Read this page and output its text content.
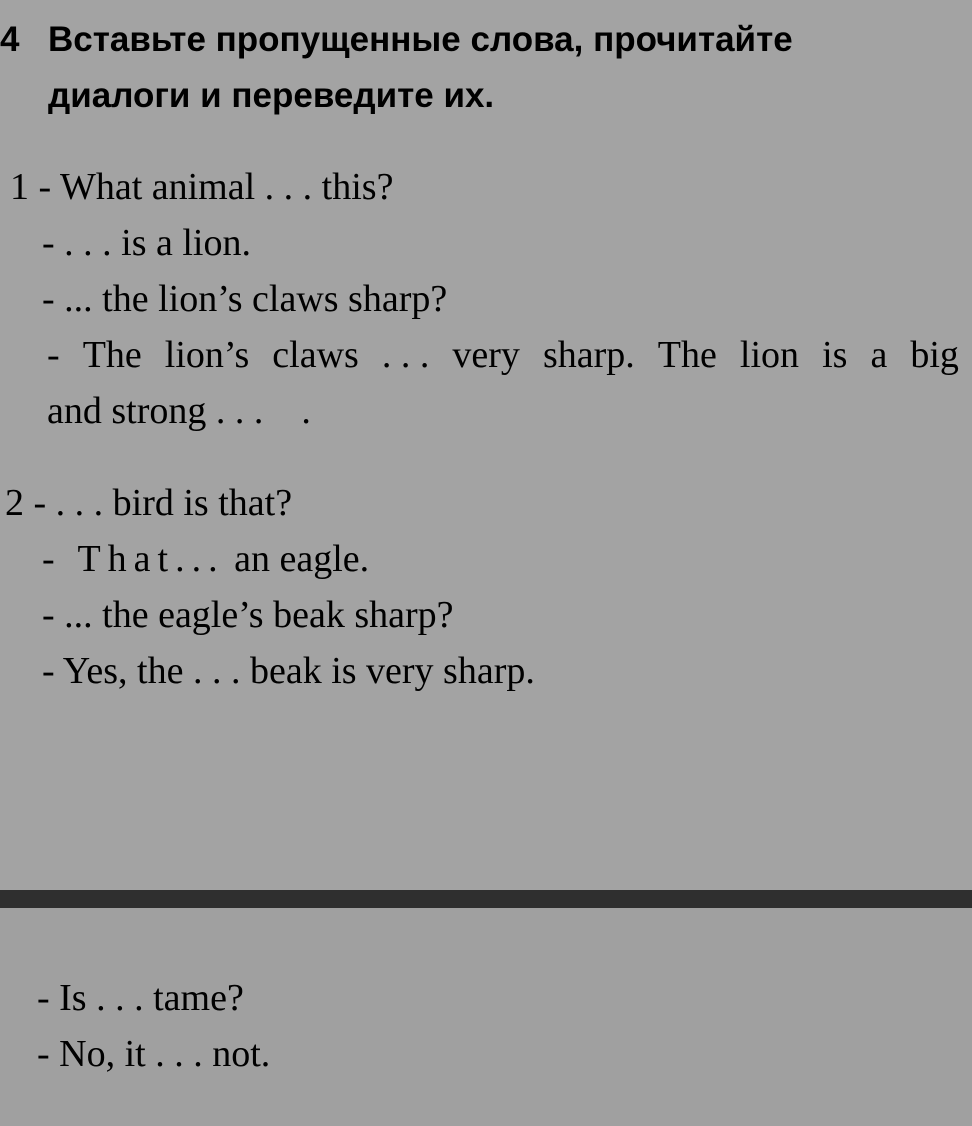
4 Вставьте пропущенные слова, прочитайте
диалоги и переведите их.
1 - What animal . . . this?
- . . . is a lion.
- ... the lion’s claws sharp?
- The lion’s claws . . . very sharp. The lion is a big
and strong . . .    .
2 - . . . bird is that?
- That... an eagle.
- ... the eagle’s beak sharp?
- Yes, the . . . beak is very sharp.
- Is . . . tame?
- No, it . . . not.
